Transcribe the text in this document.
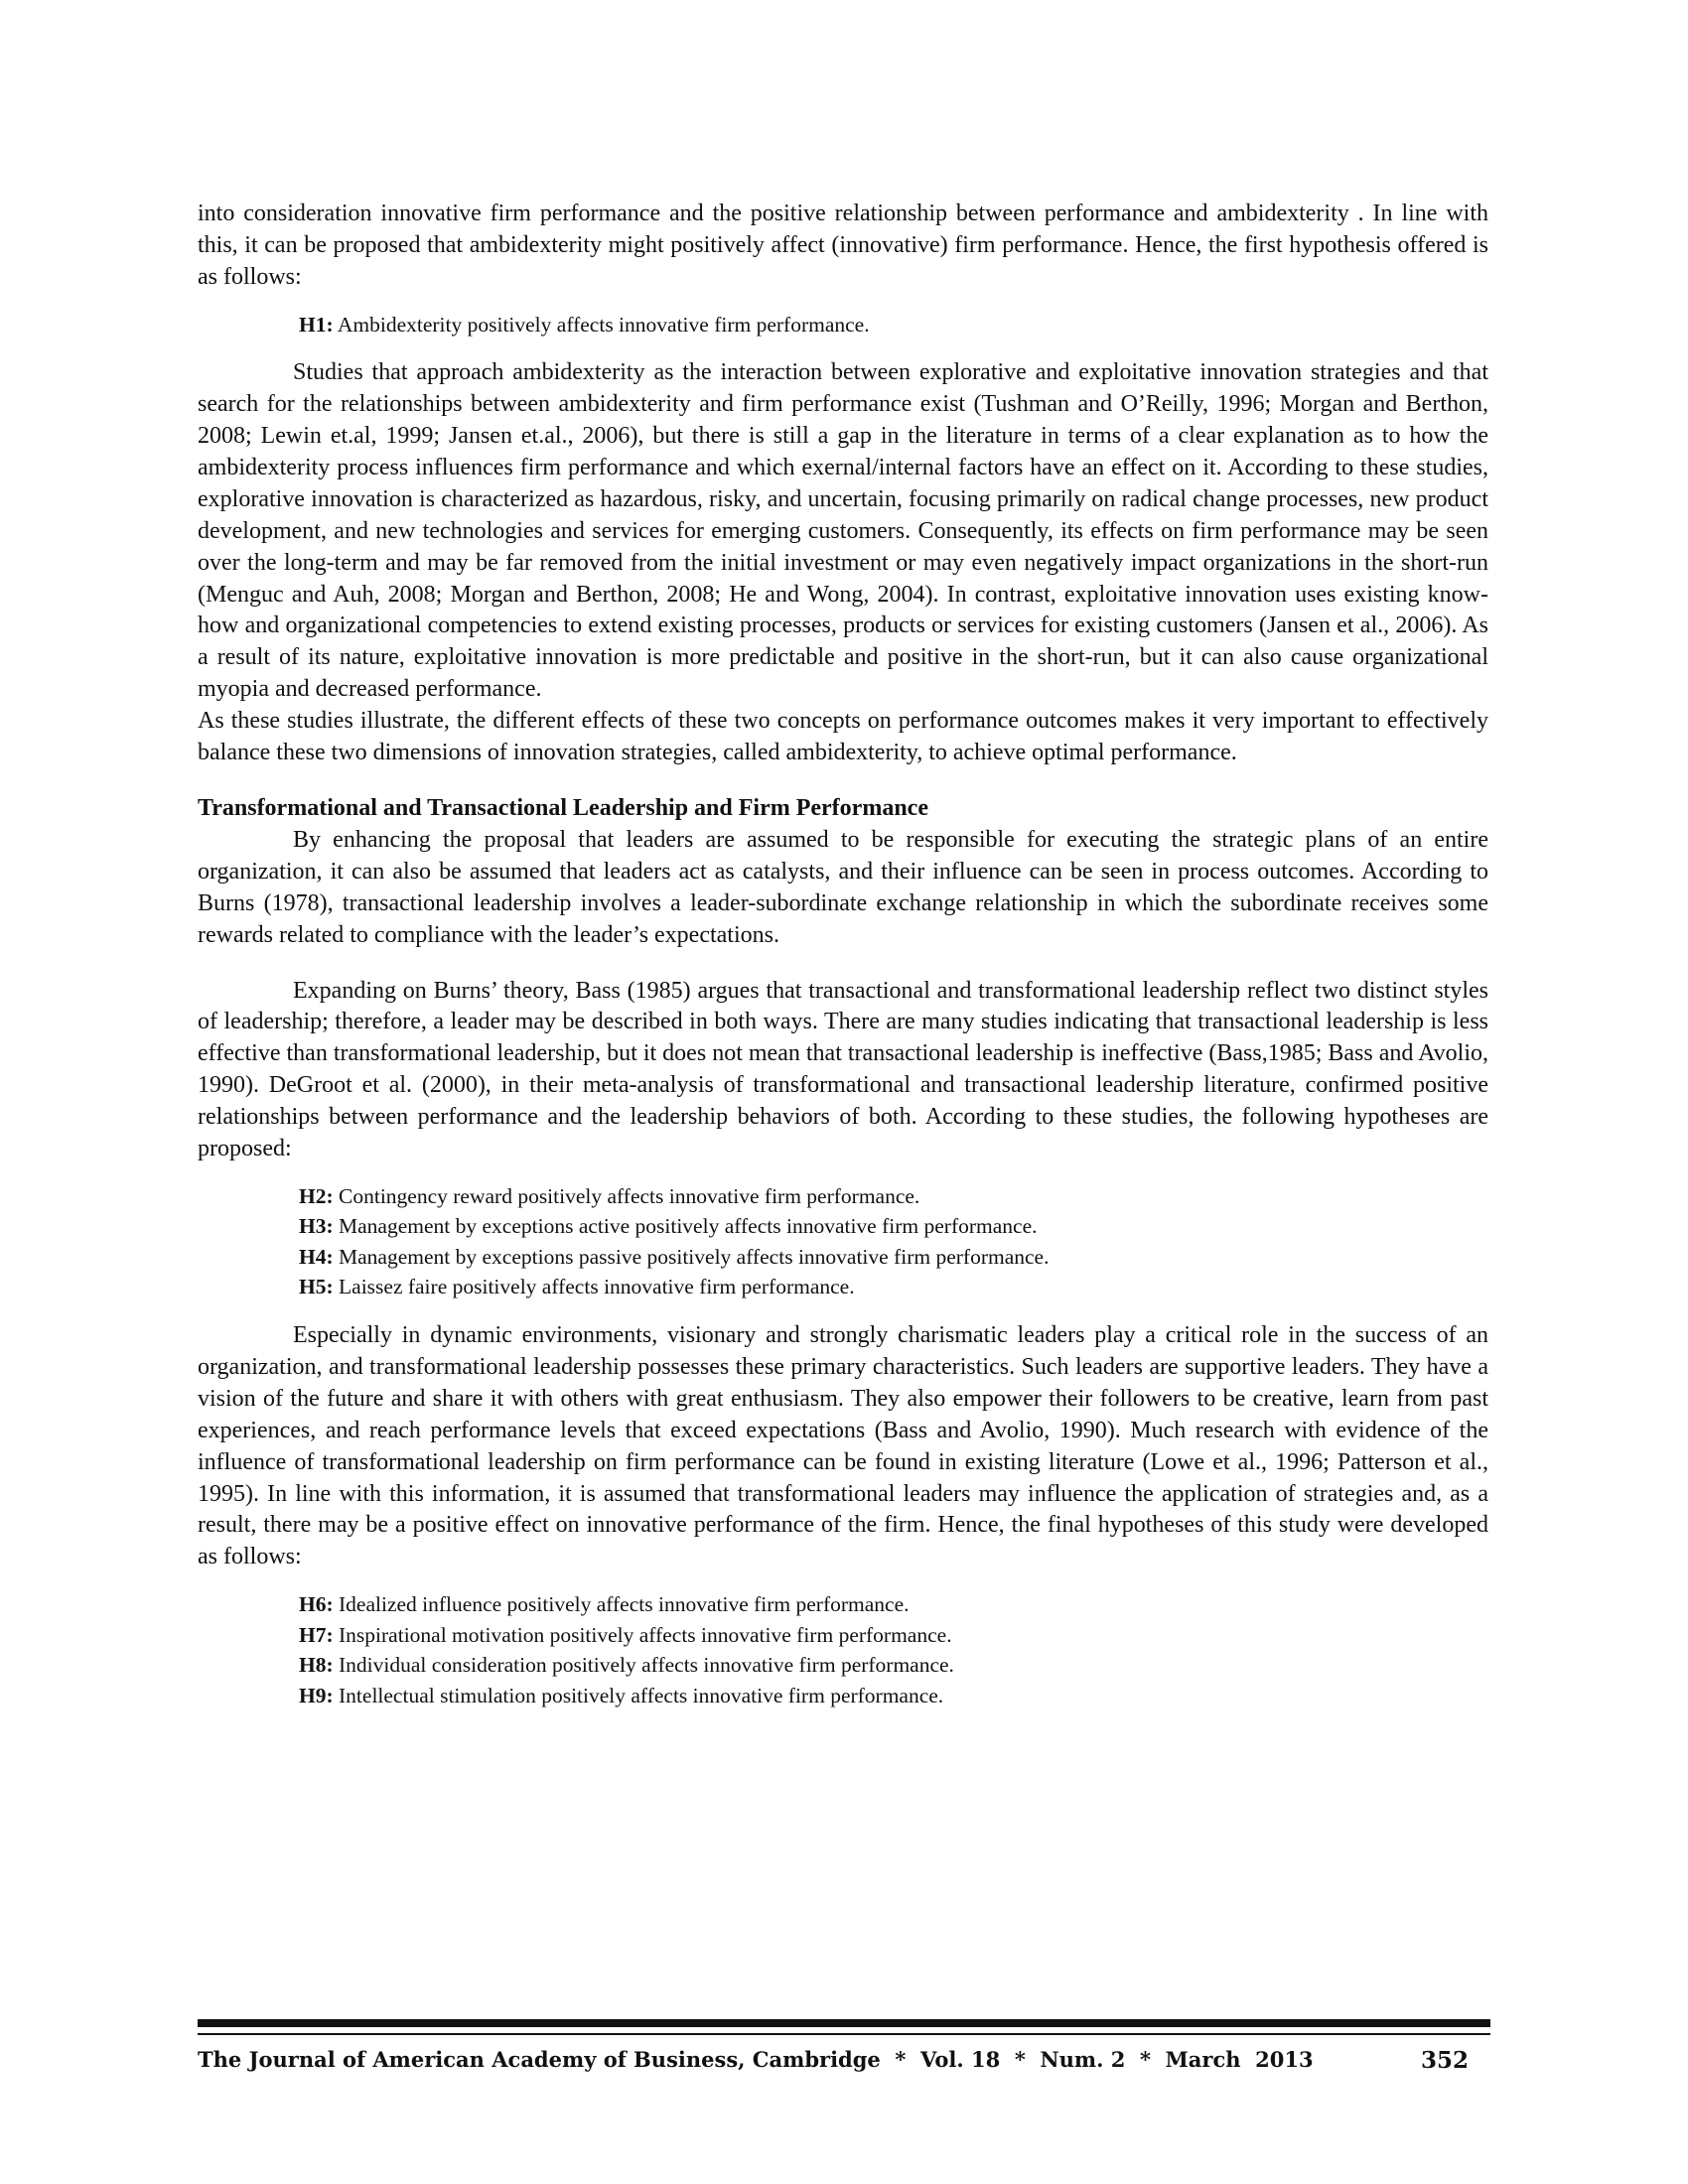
into consideration innovative firm performance and the positive relationship between performance and ambidexterity . In line with this, it can be proposed that ambidexterity might positively affect (innovative) firm performance. Hence, the first hypothesis offered is as follows:

H1: Ambidexterity positively affects innovative firm performance.

Studies that approach ambidexterity as the interaction between explorative and exploitative innovation strategies and that search for the relationships between ambidexterity and firm performance exist (Tushman and O’Reilly, 1996; Morgan and Berthon, 2008; Lewin et.al, 1999; Jansen et.al., 2006), but there is still a gap in the literature in terms of a clear explanation as to how the ambidexterity process influences firm performance and which exernal/internal factors have an effect on it. According to these studies, explorative innovation is characterized as hazardous, risky, and uncertain, focusing primarily on radical change processes, new product development, and new technologies and services for emerging customers. Consequently, its effects on firm performance may be seen over the long-term and may be far removed from the initial investment or may even negatively impact organizations in the short-run (Menguc and Auh, 2008; Morgan and Berthon, 2008; He and Wong, 2004). In contrast, exploitative innovation uses existing know-how and organizational competencies to extend existing processes, products or services for existing customers (Jansen et al., 2006). As a result of its nature, exploitative innovation is more predictable and positive in the short-run, but it can also cause organizational myopia and decreased performance.

As these studies illustrate, the different effects of these two concepts on performance outcomes makes it very important to effectively balance these two dimensions of innovation strategies, called ambidexterity, to achieve optimal performance.

Transformational and Transactional Leadership and Firm Performance

By enhancing the proposal that leaders are assumed to be responsible for executing the strategic plans of an entire organization, it can also be assumed that leaders act as catalysts, and their influence can be seen in process outcomes. According to Burns (1978), transactional leadership involves a leader-subordinate exchange relationship in which the subordinate receives some rewards related to compliance with the leader’s expectations.

Expanding on Burns’ theory, Bass (1985) argues that transactional and transformational leadership reflect two distinct styles of leadership; therefore, a leader may be described in both ways. There are many studies indicating that transactional leadership is less effective than transformational leadership, but it does not mean that transactional leadership is ineffective (Bass,1985; Bass and Avolio, 1990). DeGroot et al. (2000), in their meta-analysis of transformational and transactional leadership literature, confirmed positive relationships between performance and the leadership behaviors of both. According to these studies, the following hypotheses are proposed:

H2: Contingency reward positively affects innovative firm performance.

H3: Management by exceptions active positively affects innovative firm performance.

H4: Management by exceptions passive positively affects innovative firm performance.

H5: Laissez faire positively affects innovative firm performance.

Especially in dynamic environments, visionary and strongly charismatic leaders play a critical role in the success of an organization, and transformational leadership possesses these primary characteristics. Such leaders are supportive leaders. They have a vision of the future and share it with others with great enthusiasm. They also empower their followers to be creative, learn from past experiences, and reach performance levels that exceed expectations (Bass and Avolio, 1990). Much research with evidence of the influence of transformational leadership on firm performance can be found in existing literature (Lowe et al., 1996; Patterson et al., 1995). In line with this information, it is assumed that transformational leaders may influence the application of strategies and, as a result, there may be a positive effect on innovative performance of the firm. Hence, the final hypotheses of this study were developed as follows:

H6: Idealized influence positively affects innovative firm performance.

H7: Inspirational motivation positively affects innovative firm performance.

H8: Individual consideration positively affects innovative firm performance.

H9: Intellectual stimulation positively affects innovative firm performance.

The Journal of American Academy of Business, Cambridge  *  Vol. 18  *  Num. 2  *  March  2013	352
